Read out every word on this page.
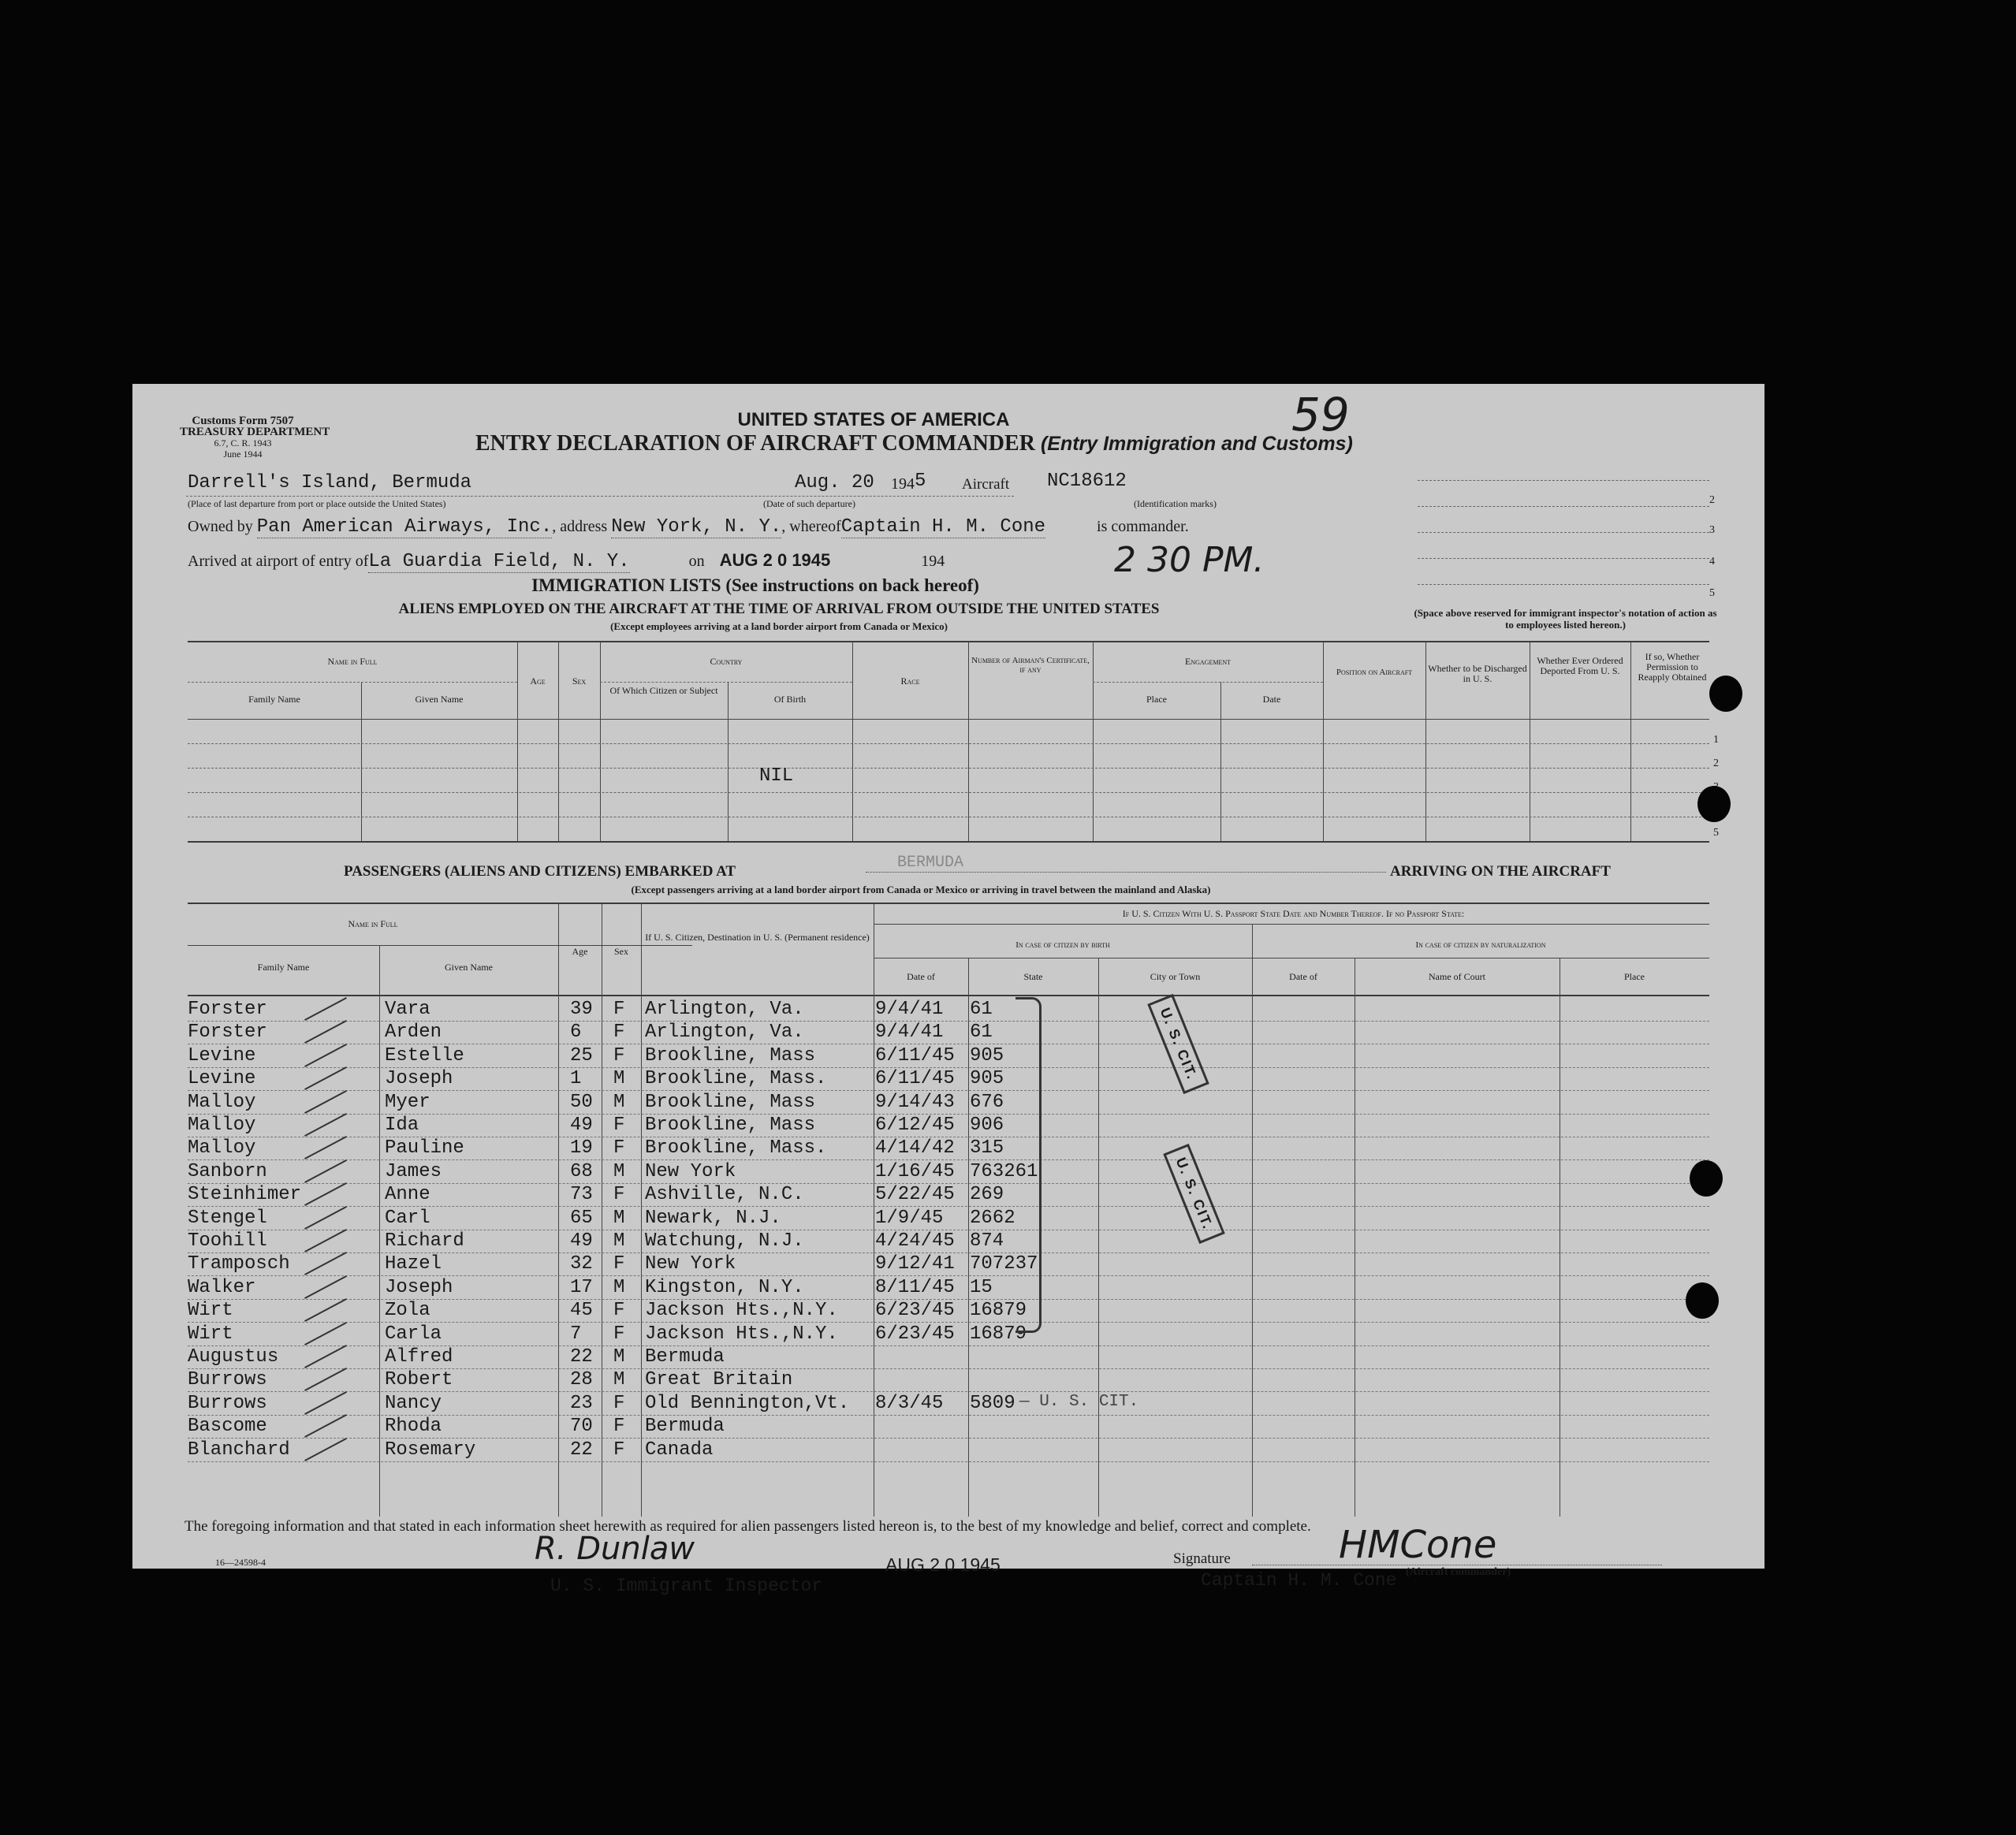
Customs Form 7507
TREASURY DEPARTMENT
6.7, C. R. 1943
June 1944
59
UNITED STATES OF AMERICA
ENTRY DECLARATION OF AIRCRAFT COMMANDER (Entry Immigration and Customs)
Darrell's Island, Bermuda
(Place of last departure from port or place outside the United States)
Aug. 20 1945
(Date of such departure)
Aircraft NC18612
(Identification marks)
Owned by Pan American Airways, Inc., address New York, N. Y., whereofCaptain H. M. Cone	is commander.
Arrived at airport of entry ofLa Guardia Field, N. Y.	on AUG 2 0 1945	194	2 30 PM.
2
3
4
5
(Space above reserved for immigrant inspector's notation of action as to employees listed hereon.)
IMMIGRATION LISTS (See instructions on back hereof)
ALIENS EMPLOYED ON THE AIRCRAFT AT THE TIME OF ARRIVAL FROM OUTSIDE THE UNITED STATES
(Except employees arriving at a land border airport from Canada or Mexico)
Name in Full
Family Name	Given Name
Age	Sex
Country
Of Which Citizen or Subject
Of Birth
Race
Number of Airman's Certificate, if any
Engagement
Place	Date
Position on Aircraft	Whether to be Discharged in U. S.
Whether Ever Ordered Deported From U. S.
If so, Whether Permission to Reapply Obtained
1
2
5
NIL
PASSENGERS (ALIENS AND CITIZENS) EMBARKED AT	BERMUDA	ARRIVING ON THE AIRCRAFT
(Except passengers arriving at a land border airport from Canada or Mexico or arriving in travel between the mainland and Alaska)
Name in Full
Family Name	Given Name
Age	Sex
If U. S. Citizen, Destination in U. S. (Permanent residence)
If U. S. Citizen With U. S. Passport State Date and Number Thereof. If no Passport State:
In case of citizen by birth	In case of citizen by naturalization
Date of	State	City or Town	Date of	Name of Court	Place
Forster	Vara	39 F Arlington, Va.	9/4/41 61
Forster	Arden	6 F Arlington, Va.	9/4/41 61
Levine	Estelle	25 F Brookline, Mass	6/11/45 905
Levine	Joseph	1 M Brookline, Mass.	6/11/45 905
Malloy	Myer	50 M Brookline, Mass	9/14/43 676
Malloy	Ida	49 F Brookline, Mass	6/12/45 906
Malloy	Pauline	19 F Brookline, Mass.	4/14/42 315
Sanborn	James	68 M New York	1/16/45 763261
Steinhimer	Anne	73 F Ashville, N.C.	5/22/45 269
Stengel	Carl	65 M Newark, N.J.	1/9/45 2662
Toohill	Richard	49 M Watchung, N.J.	4/24/45 874
Tramposch	Hazel	32 F New York	9/12/41 707237
Walker	Joseph	17 M Kingston, N.Y.	8/11/45 15
Wirt	Zola	45 F Jackson Hts.,N.Y. 6/23/45 16879
Wirt	Carla	7 F Jackson Hts.,N.Y. 6/23/45 16879
Augustus	Alfred	22 M Bermuda
Burrows	Robert	28 M Great Britain
Burrows	Nancy	23 F Old Bennington,Vt. 8/3/45 5809
Bascome	Rhoda	70 F Bermuda
Blanchard	Rosemary	22 F Canada
U. S. CIT.
U. S. CIT.
— U. S. CIT.
The foregoing information and that stated in each information sheet herewith as required for alien passengers listed hereon is, to the best of my knowledge and belief, correct and complete.
16—24598-4	R. Dunlaw	AUG 2 0 1945
U. S. Immigrant Inspector
Signature	HMCone
(Aircraft commander)
Captain H. M. Cone
